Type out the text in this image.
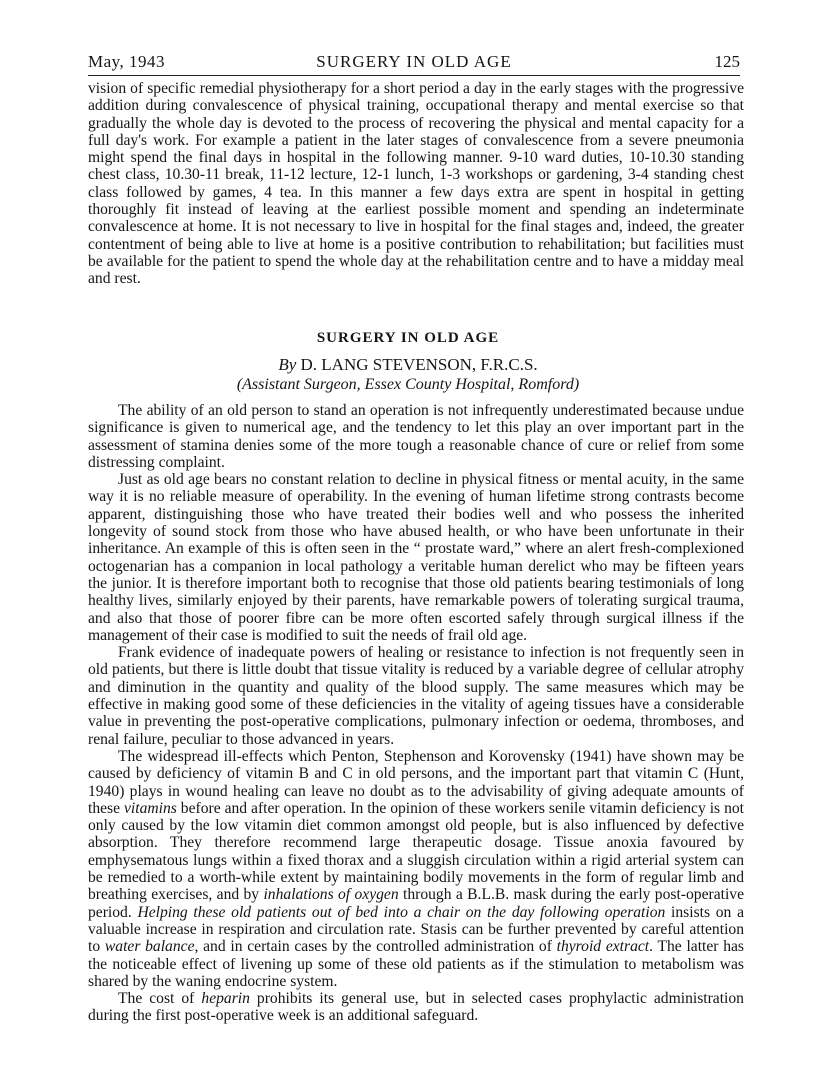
May, 1943	SURGERY IN OLD AGE	125

vision of specific remedial physiotherapy for a short period a day in the early stages with the progressive addition during convalescence of physical training, occupational therapy and mental exercise so that gradually the whole day is devoted to the process of recovering the physical and mental capacity for a full day's work. For example a patient in the later stages of convalescence from a severe pneumonia might spend the final days in hospital in the following manner. 9-10 ward duties, 10-10.30 standing chest class, 10.30-11 break, 11-12 lecture, 12-1 lunch, 1-3 workshops or gardening, 3-4 standing chest class followed by games, 4 tea. In this manner a few days extra are spent in hospital in getting thoroughly fit instead of leaving at the earliest possible moment and spending an indeterminate convalescence at home. It is not necessary to live in hospital for the final stages and, indeed, the greater contentment of being able to live at home is a positive contribution to rehabilitation; but facilities must be available for the patient to spend the whole day at the rehabilitation centre and to have a midday meal and rest.

SURGERY IN OLD AGE
By D. LANG STEVENSON, F.R.C.S.
(Assistant Surgeon, Essex County Hospital, Romford)

The ability of an old person to stand an operation is not infrequently underestimated because undue significance is given to numerical age, and the tendency to let this play an over important part in the assessment of stamina denies some of the more tough a reasonable chance of cure or relief from some distressing complaint.

Just as old age bears no constant relation to decline in physical fitness or mental acuity, in the same way it is no reliable measure of operability. In the evening of human lifetime strong contrasts become apparent, distinguishing those who have treated their bodies well and who possess the inherited longevity of sound stock from those who have abused health, or who have been unfortunate in their inheritance. An example of this is often seen in the “ prostate ward,” where an alert fresh-complexioned octogenarian has a companion in local pathology a veritable human derelict who may be fifteen years the junior. It is therefore important both to recognise that those old patients bearing testimonials of long healthy lives, similarly enjoyed by their parents, have remarkable powers of tolerating surgical trauma, and also that those of poorer fibre can be more often escorted safely through surgical illness if the management of their case is modified to suit the needs of frail old age.

Frank evidence of inadequate powers of healing or resistance to infection is not frequently seen in old patients, but there is little doubt that tissue vitality is reduced by a variable degree of cellular atrophy and diminution in the quantity and quality of the blood supply. The same measures which may be effective in making good some of these deficiencies in the vitality of ageing tissues have a considerable value in preventing the post-operative complications, pulmonary infection or oedema, thromboses, and renal failure, peculiar to those advanced in years.

The widespread ill-effects which Penton, Stephenson and Korovensky (1941) have shown may be caused by deficiency of vitamin B and C in old persons, and the important part that vitamin C (Hunt, 1940) plays in wound healing can leave no doubt as to the advisability of giving adequate amounts of these vitamins before and after operation. In the opinion of these workers senile vitamin deficiency is not only caused by the low vitamin diet common amongst old people, but is also influenced by defective absorption. They therefore recommend large therapeutic dosage. Tissue anoxia favoured by emphysematous lungs within a fixed thorax and a sluggish circulation within a rigid arterial system can be remedied to a worth-while extent by maintaining bodily movements in the form of regular limb and breathing exercises, and by inhalations of oxygen through a B.L.B. mask during the early post-operative period. Helping these old patients out of bed into a chair on the day following operation insists on a valuable increase in respiration and circulation rate. Stasis can be further prevented by careful attention to water balance, and in certain cases by the controlled administration of thyroid extract. The latter has the noticeable effect of livening up some of these old patients as if the stimulation to metabolism was shared by the waning endocrine system.

The cost of heparin prohibits its general use, but in selected cases prophylactic administration during the first post-operative week is an additional safeguard.
